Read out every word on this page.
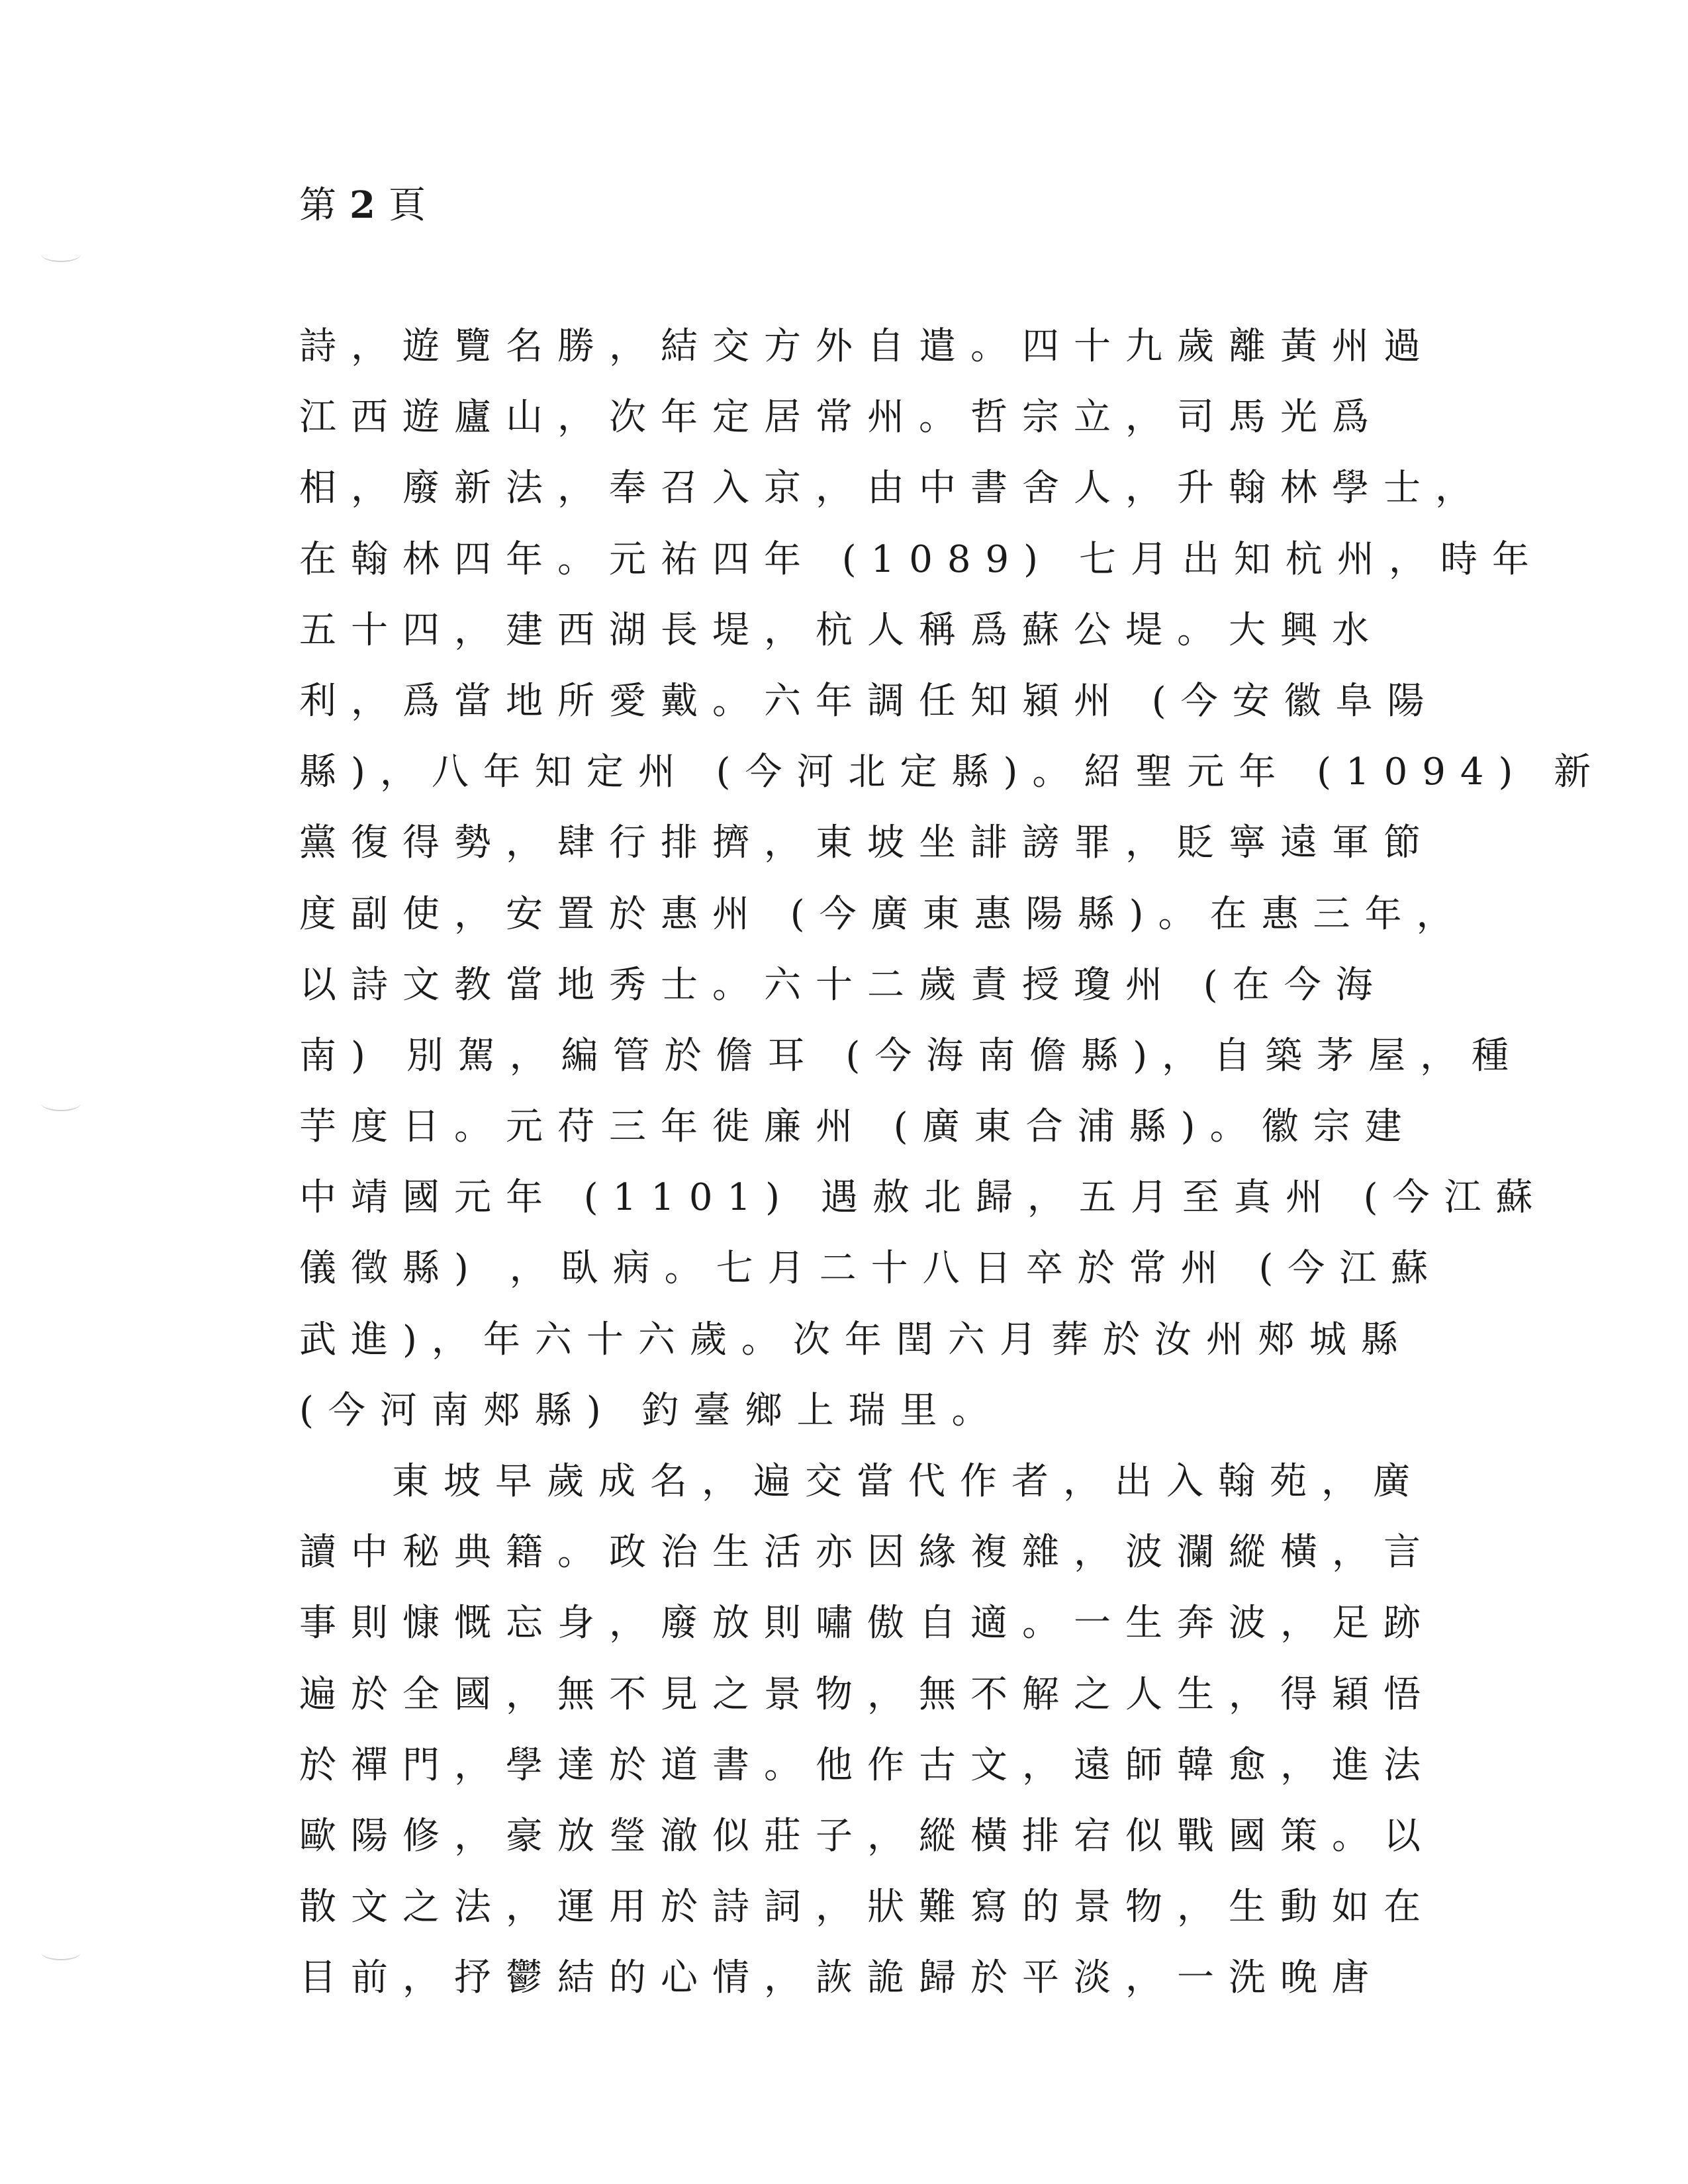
第 2 頁
詩，遊覽名勝，結交方外自遣。四十九歲離黃州過
江西遊廬山，次年定居常州。哲宗立，司馬光爲
相，廢新法，奉召入京，由中書舍人，升翰林學士，
在翰林四年。元祐四年 (1089) 七月出知杭州，時年
五十四，建西湖長堤，杭人稱爲蘇公堤。大興水
利，爲當地所愛戴。六年調任知潁州 (今安徽阜陽
縣)，八年知定州 (今河北定縣)。紹聖元年 (1094) 新
黨復得勢，肆行排擠，東坡坐誹謗罪，貶寧遠軍節
度副使，安置於惠州 (今廣東惠陽縣)。在惠三年，
以詩文教當地秀士。六十二歲責授瓊州 (在今海
南) 別駕，編管於儋耳 (今海南儋縣)，自築茅屋，種
芋度日。元苻三年徙廉州 (廣東合浦縣)。徽宗建
中靖國元年 (1101) 遇赦北歸，五月至真州 (今江蘇
儀徵縣) ，臥病。七月二十八日卒於常州 (今江蘇
武進)，年六十六歲。次年閏六月葬於汝州郟城縣
(今河南郟縣) 釣臺鄉上瑞里。
東坡早歲成名，遍交當代作者，出入翰苑，廣
讀中秘典籍。政治生活亦因緣複雜，波瀾縱橫，言
事則慷慨忘身，廢放則嘯傲自適。一生奔波，足跡
遍於全國，無不見之景物，無不解之人生，得穎悟
於禪門，學達於道書。他作古文，遠師韓愈，進法
歐陽修，豪放瑩澈似莊子，縱橫排宕似戰國策。以
散文之法，運用於詩詞，狀難寫的景物，生動如在
目前，抒鬱結的心情，詼詭歸於平淡，一洗晚唐
